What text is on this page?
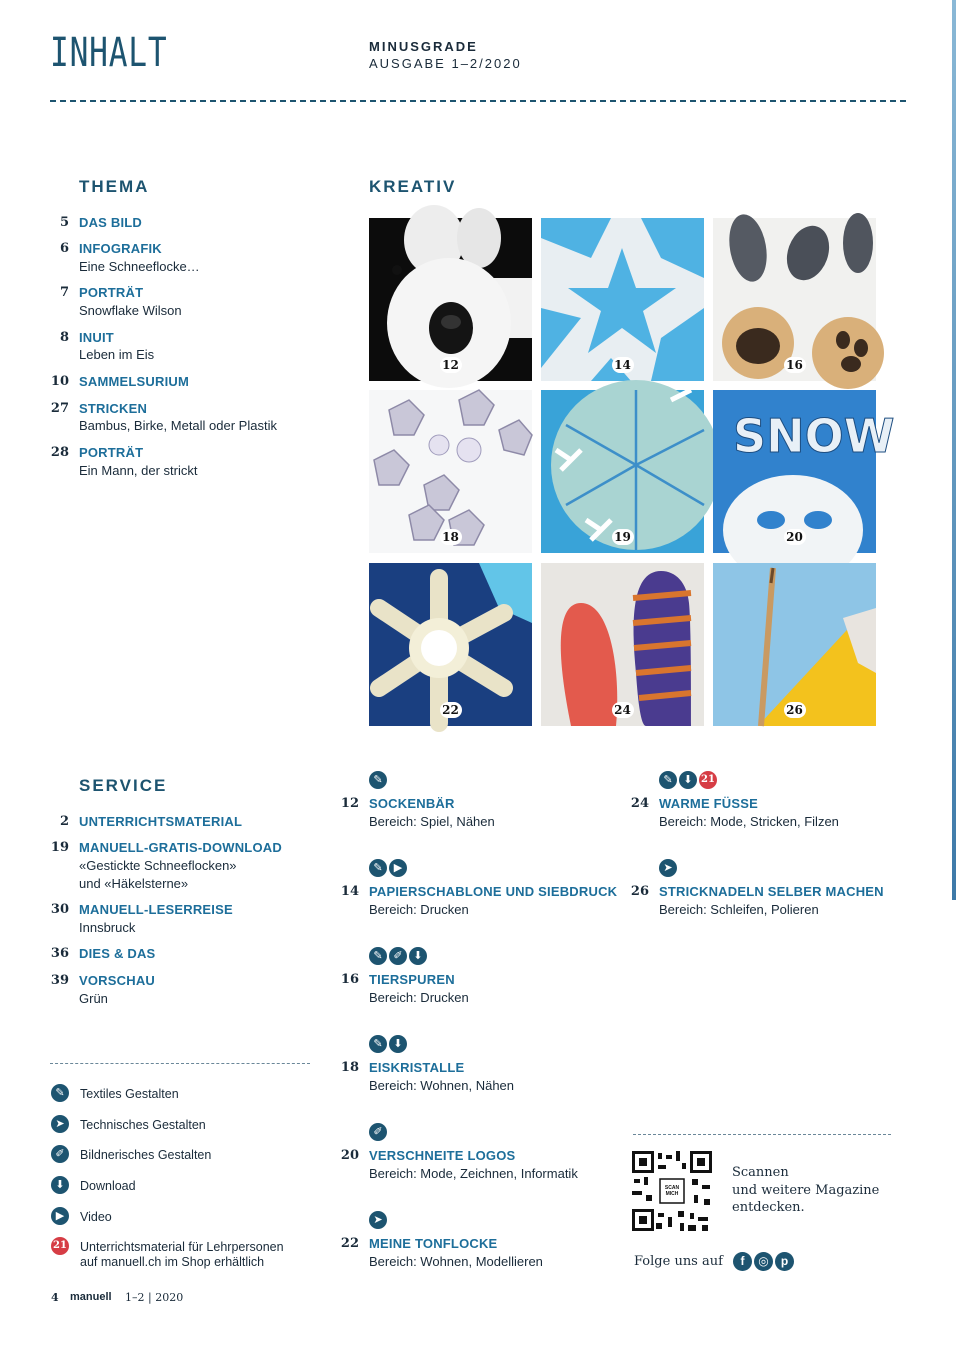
INHALT	MINUSGRADE
AUSGABE 1–2/2020
THEMA
5 DAS BILD
6 INFOGRAFIK
Eine Schneeflocke…
7 PORTRÄT
Snowflake Wilson
8 INUIT
Leben im Eis
10 SAMMELSURIUM
27 STRICKEN
Bambus, Birke, Metall oder Plastik
28 PORTRÄT
Ein Mann, der strickt
KREATIV
12	14	16
18	19
SNOW
20
22	24	26
SERVICE
2 UNTERRICHTSMATERIAL
19 MANUELL-GRATIS-DOWNLOAD
«Gestickte Schneeflocken»
und «Häkelsterne»
30 MANUELL-LESERREISE
Innsbruck
36 DIES & DAS
39 VORSCHAU
Grün
✎
12 SOCKENBÄR
Bereich: Spiel, Nähen
✎ ▶
14 PAPIERSCHABLONE UND SIEBDRUCK
Bereich: Drucken
✎ ✐ ⬇
16 TIERSPUREN
Bereich: Drucken
✎ ⬇
18 EISKRISTALLE
Bereich: Wohnen, Nähen
✐
20 VERSCHNEITE LOGOS
Bereich: Mode, Zeichnen, Informatik
➤
22 MEINE TONFLOCKE
Bereich: Wohnen, Modellieren
✎ ⬇ 21
24 WARME FÜSSE
Bereich: Mode, Stricken, Filzen
➤
26 STRICKNADELN SELBER MACHEN
Bereich: Schleifen, Polieren
✎	Textiles Gestalten
➤	Technisches Gestalten
✐	Bildnerisches Gestalten
⬇	Download
▶	Video
21	Unterrichtsmaterial für Lehrpersonen
auf manuell.ch im Shop erhältlich
SCAN MICH
Scannen
und weitere Magazine
entdecken.
Folge uns auf	f ◎ p
4 manuell 1–2 | 2020
